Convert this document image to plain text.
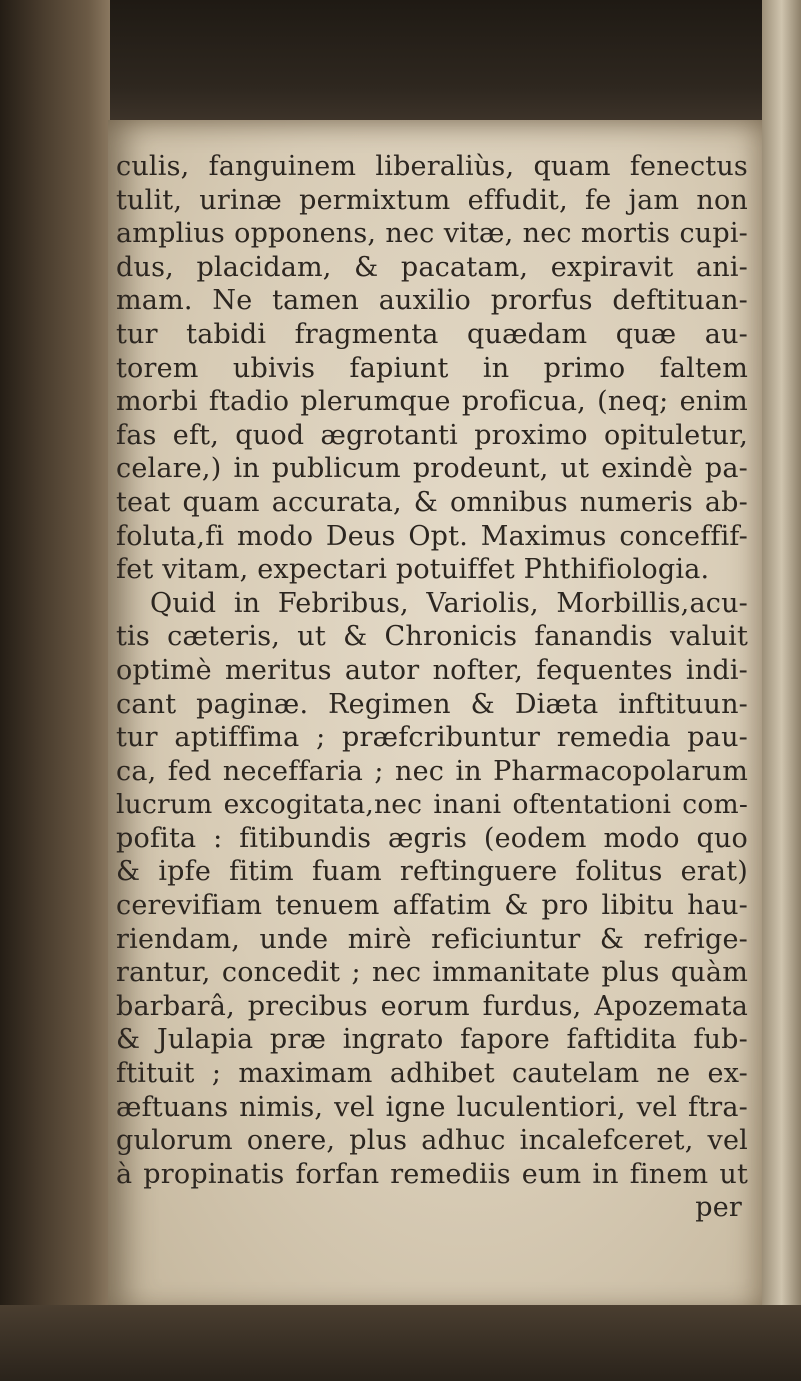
culis, fanguinem liberaliùs, quam fenectus
tulit, urinæ permixtum effudit, fe jam non
amplius opponens, nec vitæ, nec mortis cupi-
dus, placidam, & pacatam, expiravit ani-
mam. Ne tamen auxilio prorfus deftituan-
tur tabidi fragmenta quædam quæ au-
torem ubivis fapiunt in primo faltem
morbi ftadio plerumque proficua, (neq; enim
fas eft, quod ægrotanti proximo opituletur,
celare,) in publicum prodeunt, ut exindè pa-
teat quam accurata, & omnibus numeris ab-
foluta,fi modo Deus Opt. Maximus conceffif-
fet vitam, expectari potuiffet Phthifiologia.
Quid in Febribus, Variolis, Morbillis,acu-
tis cæteris, ut & Chronicis fanandis valuit
optimè meritus autor nofter, fequentes indi-
cant paginæ. Regimen & Diæta inftituun-
tur aptiffima ; præfcribuntur remedia pau-
ca, fed neceffaria ; nec in Pharmacopolarum
lucrum excogitata,nec inani oftentationi com-
pofita : fitibundis ægris (eodem modo quo
& ipfe fitim fuam reftinguere folitus erat)
cerevifiam tenuem affatim & pro libitu hau-
riendam, unde mirè reficiuntur & refrige-
rantur, concedit ; nec immanitate plus quàm
barbarâ, precibus eorum furdus, Apozemata
& Julapia præ ingrato fapore faftidita fub-
ftituit ; maximam adhibet cautelam ne ex-
æftuans nimis, vel igne luculentiori, vel ftra-
gulorum onere, plus adhuc incalefceret, vel
à propinatis forfan remediis eum in finem ut
per
